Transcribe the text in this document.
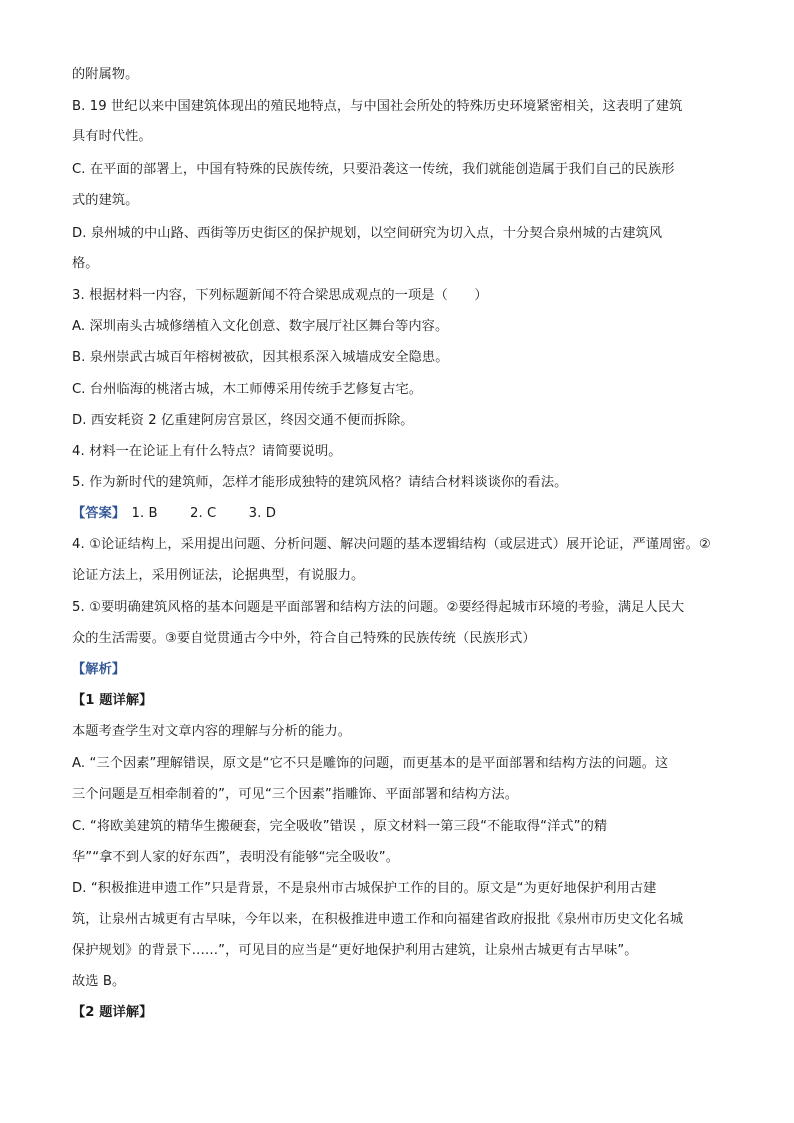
的附属物。
B. 19 世纪以来中国建筑体现出的殖民地特点，与中国社会所处的特殊历史环境紧密相关，这表明了建筑
具有时代性。
C. 在平面的部署上，中国有特殊的民族传统，只要沿袭这一传统，我们就能创造属于我们自己的民族形
式的建筑。
D. 泉州城的中山路、西街等历史街区的保护规划，以空间研究为切入点，十分契合泉州城的古建筑风
格。
3. 根据材料一内容，下列标题新闻不符合梁思成观点的一项是（　　）
A. 深圳南头古城修缮植入文化创意、数字展厅社区舞台等内容。
B. 泉州崇武古城百年榕树被砍，因其根系深入城墙成安全隐患。
C. 台州临海的桃渚古城，木工师傅采用传统手艺修复古宅。
D. 西安耗资 2 亿重建阿房宫景区，终因交通不便而拆除。
4. 材料一在论证上有什么特点？请简要说明。
5. 作为新时代的建筑师，怎样才能形成独特的建筑风格？请结合材料谈谈你的看法。
【答案】 1. B 2. C 3. D
4. ①论证结构上，采用提出问题、分析问题、解决问题的基本逻辑结构（或层进式）展开论证，严谨周密。②
论证方法上，采用例证法，论据典型，有说服力。
5. ①要明确建筑风格的基本问题是平面部署和结构方法的问题。②要经得起城市环境的考验，满足人民大
众的生活需要。③要自觉贯通古今中外，符合自己特殊的民族传统（民族形式）
【解析】
【1 题详解】
本题考查学生对文章内容的理解与分析的能力。
A. “三个因素”理解错误，原文是“它不只是雕饰的问题，而更基本的是平面部署和结构方法的问题。这
三个问题是互相牵制着的”，可见“三个因素”指雕饰、平面部署和结构方法。
C. “将欧美建筑的精华生搬硬套，完全吸收”错误 ，原文材料一第三段“不能取得“洋式”的精
华”“拿不到人家的好东西”，表明没有能够“完全吸收”。
D. “积极推进申遗工作”只是背景，不是泉州市古城保护工作的目的。原文是“为更好地保护利用古建
筑，让泉州古城更有古早味，今年以来，在积极推进申遗工作和向福建省政府报批《泉州市历史文化名城
保护规划》的背景下……”，可见目的应当是“更好地保护利用古建筑，让泉州古城更有古早味”。
故选 B。
【2 题详解】
